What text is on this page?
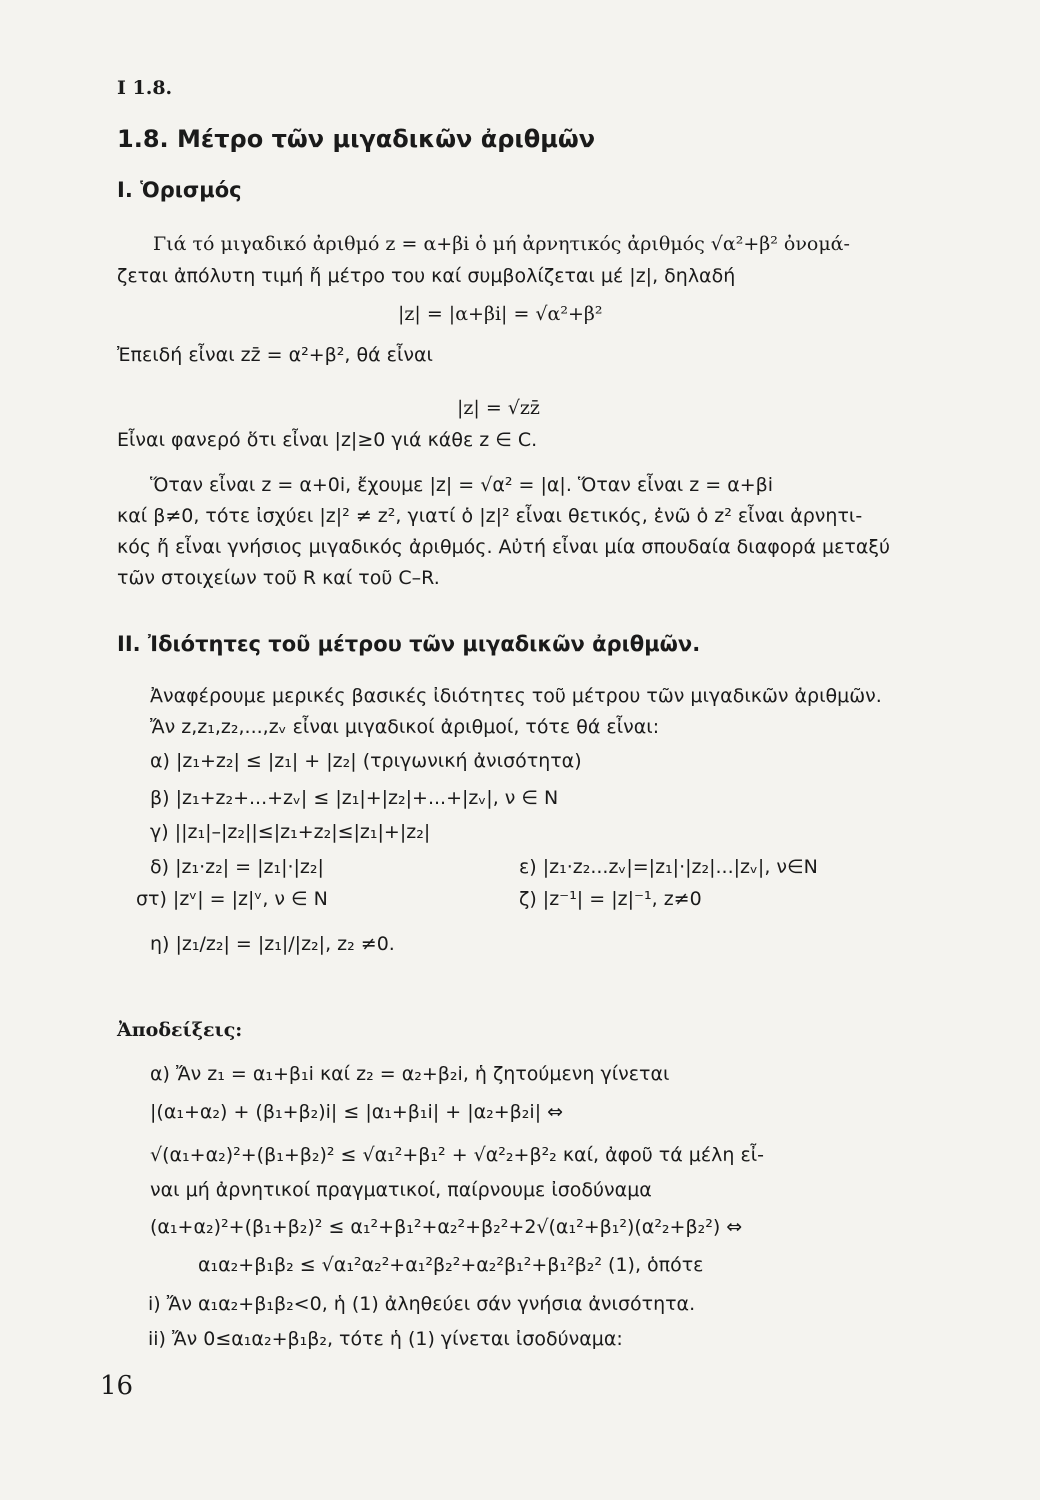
I 1.8.
1.8. Μέτρο τῶν μιγαδικῶν ἀριθμῶν
I. Ὁρισμός
Γιά τό μιγαδικό ἀριθμό z = α+βi ὁ μή ἀρνητικός ἀριθμός √α²+β² ὀνομά-
ζεται ἀπόλυτη τιμή ἤ μέτρο του καί συμβολίζεται μέ |z|, δηλαδή
|z| = |α+βi| = √α²+β²
Ἐπειδή εἶναι zz̄ = α²+β², θά εἶναι
|z| = √zz̄
Εἶναι φανερό ὅτι εἶναι |z|≥0 γιά κάθε z ∈ C.
Ὅταν εἶναι z = α+0i, ἔχουμε |z| = √α² = |α|. Ὅταν εἶναι z = α+βi
καί β≠0, τότε ἰσχύει |z|² ≠ z², γιατί ὁ |z|² εἶναι θετικός, ἐνῶ ὁ z² εἶναι ἀρνητι-
κός ἤ εἶναι γνήσιος μιγαδικός ἀριθμός. Αὐτή εἶναι μία σπουδαία διαφορά μεταξύ
τῶν στοιχείων τοῦ R καί τοῦ C–R.
II. Ἰδιότητες τοῦ μέτρου τῶν μιγαδικῶν ἀριθμῶν.
Ἀναφέρουμε μερικές βασικές ἰδιότητες τοῦ μέτρου τῶν μιγαδικῶν ἀριθμῶν.
Ἄν z,z₁,z₂,...,zᵥ εἶναι μιγαδικοί ἀριθμοί, τότε θά εἶναι:
α) |z₁+z₂| ≤ |z₁| + |z₂| (τριγωνική ἀνισότητα)
β) |z₁+z₂+...+zᵥ| ≤ |z₁|+|z₂|+...+|zᵥ|, ν ∈ N
γ) ||z₁|–|z₂||≤|z₁+z₂|≤|z₁|+|z₂|
δ) |z₁·z₂| = |z₁|·|z₂|	ε) |z₁·z₂...zᵥ|=|z₁|·|z₂|...|zᵥ|, ν∈N
στ) |zᵛ| = |z|ᵛ, ν ∈ N	ζ) |z⁻¹| = |z|⁻¹, z≠0
η) |z₁/z₂| = |z₁|/|z₂|, z₂ ≠0.
Ἀποδείξεις:
α) Ἄν z₁ = α₁+β₁i καί z₂ = α₂+β₂i, ἡ ζητούμενη γίνεται
|(α₁+α₂) + (β₁+β₂)i| ≤ |α₁+β₁i| + |α₂+β₂i| ⇔
√(α₁+α₂)²+(β₁+β₂)² ≤ √α₁²+β₁² + √α²₂+β²₂ καί, ἀφοῦ τά μέλη εἶ-
ναι μή ἀρνητικοί πραγματικοί, παίρνουμε ἰσοδύναμα
(α₁+α₂)²+(β₁+β₂)² ≤ α₁²+β₁²+α₂²+β₂²+2√(α₁²+β₁²)(α²₂+β₂²) ⇔
α₁α₂+β₁β₂ ≤ √α₁²α₂²+α₁²β₂²+α₂²β₁²+β₁²β₂² (1), ὁπότε
i) Ἄν α₁α₂+β₁β₂<0, ἡ (1) ἀληθεύει σάν γνήσια ἀνισότητα.
ii) Ἄν 0≤α₁α₂+β₁β₂, τότε ἡ (1) γίνεται ἰσοδύναμα:
16
